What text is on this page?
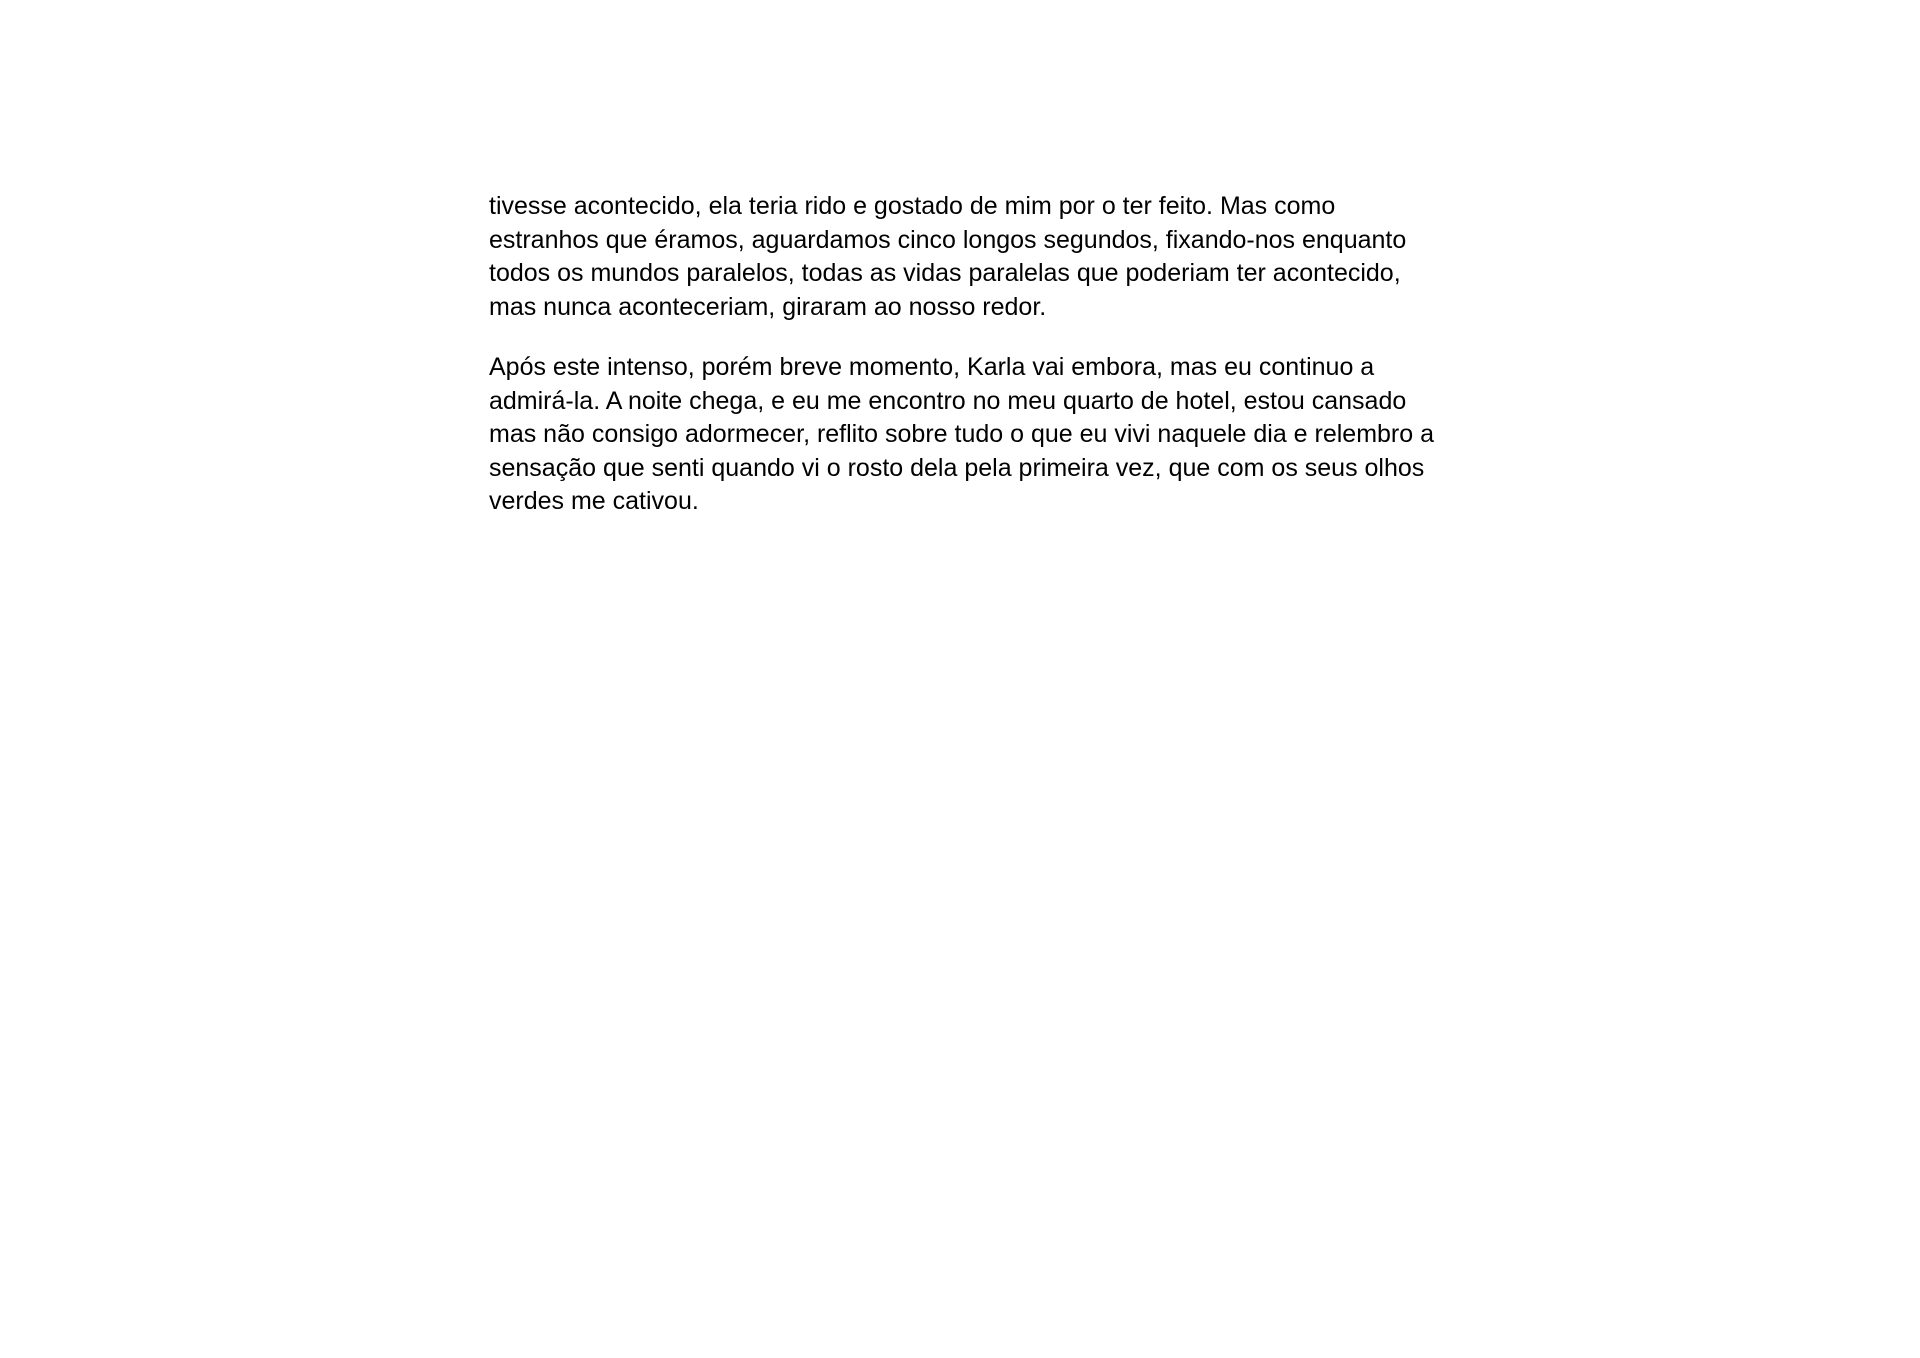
tivesse acontecido, ela teria rido e gostado de mim por o ter feito. Mas como
estranhos que éramos, aguardamos cinco longos segundos, fixando-nos enquanto
todos os mundos paralelos, todas as vidas paralelas que poderiam ter acontecido,
mas nunca aconteceriam, giraram ao nosso redor.

Após este intenso, porém breve momento, Karla vai embora, mas eu continuo a
admirá-la. A noite chega, e eu me encontro no meu quarto de hotel, estou cansado
mas não consigo adormecer, reflito sobre tudo o que eu vivi naquele dia e relembro a
sensação que senti quando vi o rosto dela pela primeira vez, que com os seus olhos
verdes me cativou.
